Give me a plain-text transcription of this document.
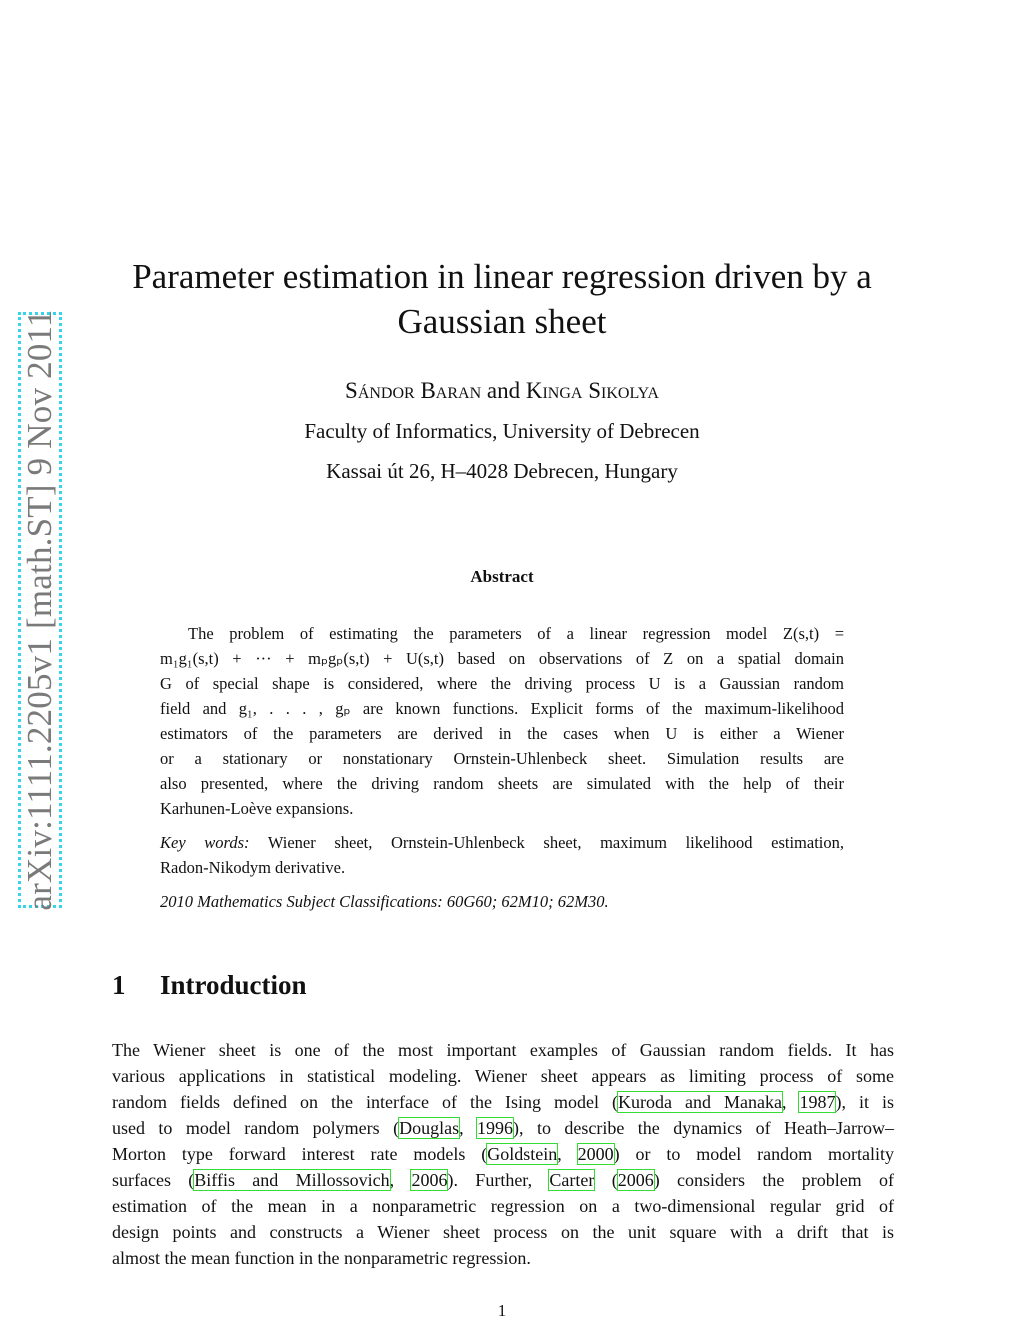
arXiv:1111.2205v1 [math.ST] 9 Nov 2011
Parameter estimation in linear regression driven by a Gaussian sheet
Sándor Baran and Kinga Sikolya
Faculty of Informatics, University of Debrecen
Kassai út 26, H–4028 Debrecen, Hungary
Abstract
The problem of estimating the parameters of a linear regression model Z(s,t) =
m₁g₁(s,t) + ··· + mₚgₚ(s,t) + U(s,t) based on observations of Z on a spatial domain
G of special shape is considered, where the driving process U is a Gaussian random
field and g₁, . . . , gₚ are known functions. Explicit forms of the maximum-likelihood
estimators of the parameters are derived in the cases when U is either a Wiener
or a stationary or nonstationary Ornstein-Uhlenbeck sheet. Simulation results are
also presented, where the driving random sheets are simulated with the help of their
Karhunen-Loève expansions.
Key words: Wiener sheet, Ornstein-Uhlenbeck sheet, maximum likelihood estimation,
Radon-Nikodym derivative.
2010 Mathematics Subject Classifications: 60G60; 62M10; 62M30.
1 Introduction
The Wiener sheet is one of the most important examples of Gaussian random fields. It has
various applications in statistical modeling. Wiener sheet appears as limiting process of some
random fields defined on the interface of the Ising model (Kuroda and Manaka, 1987), it is
used to model random polymers (Douglas, 1996), to describe the dynamics of Heath–Jarrow–
Morton type forward interest rate models (Goldstein, 2000) or to model random mortality
surfaces (Biffis and Millossovich, 2006). Further, Carter (2006) considers the problem of
estimation of the mean in a nonparametric regression on a two-dimensional regular grid of
design points and constructs a Wiener sheet process on the unit square with a drift that is
almost the mean function in the nonparametric regression.
1
